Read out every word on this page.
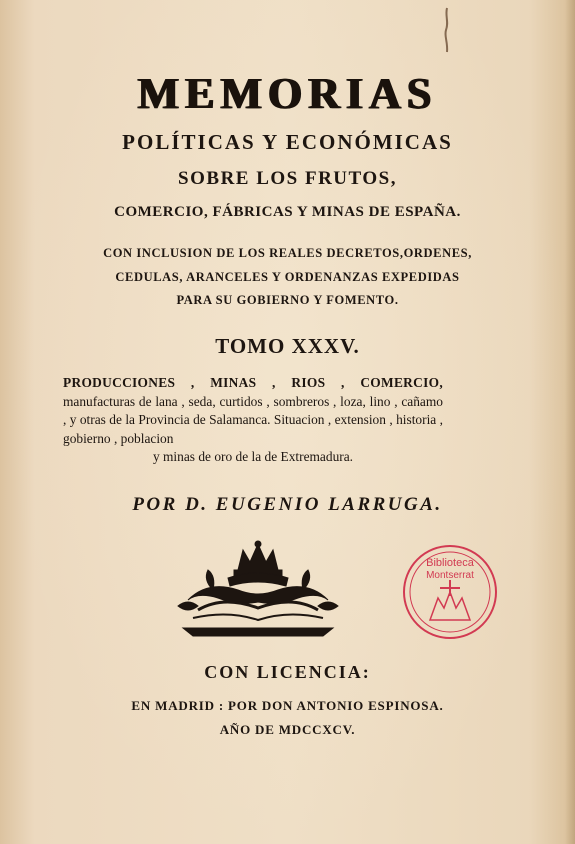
MEMORIAS
POLÍTICAS Y ECONÓMICAS
SOBRE LOS FRUTOS,
COMERCIO, FÁBRICAS Y MINAS DE ESPAÑA.
CON INCLUSION DE LOS REALES DECRETOS,ORDENES,
CEDULAS, ARANCELES Y ORDENANZAS EXPEDIDAS
PARA SU GOBIERNO Y FOMENTO.
TOMO XXXV.
PRODUCCIONES , MINAS , RIOS , COMERCIO, manufacturas de lana , seda, curtidos , sombreros , loza, lino , cañamo , y otras de la Provincia de Salamanca. Situacion , extension , historia , gobierno , poblacion
y minas de oro de la de Extremadura.
POR D. EUGENIO LARRUGA.
Biblioteca
Montserrat
CON LICENCIA:
EN MADRID : POR DON ANTONIO ESPINOSA.
AÑO DE MDCCXCV.
